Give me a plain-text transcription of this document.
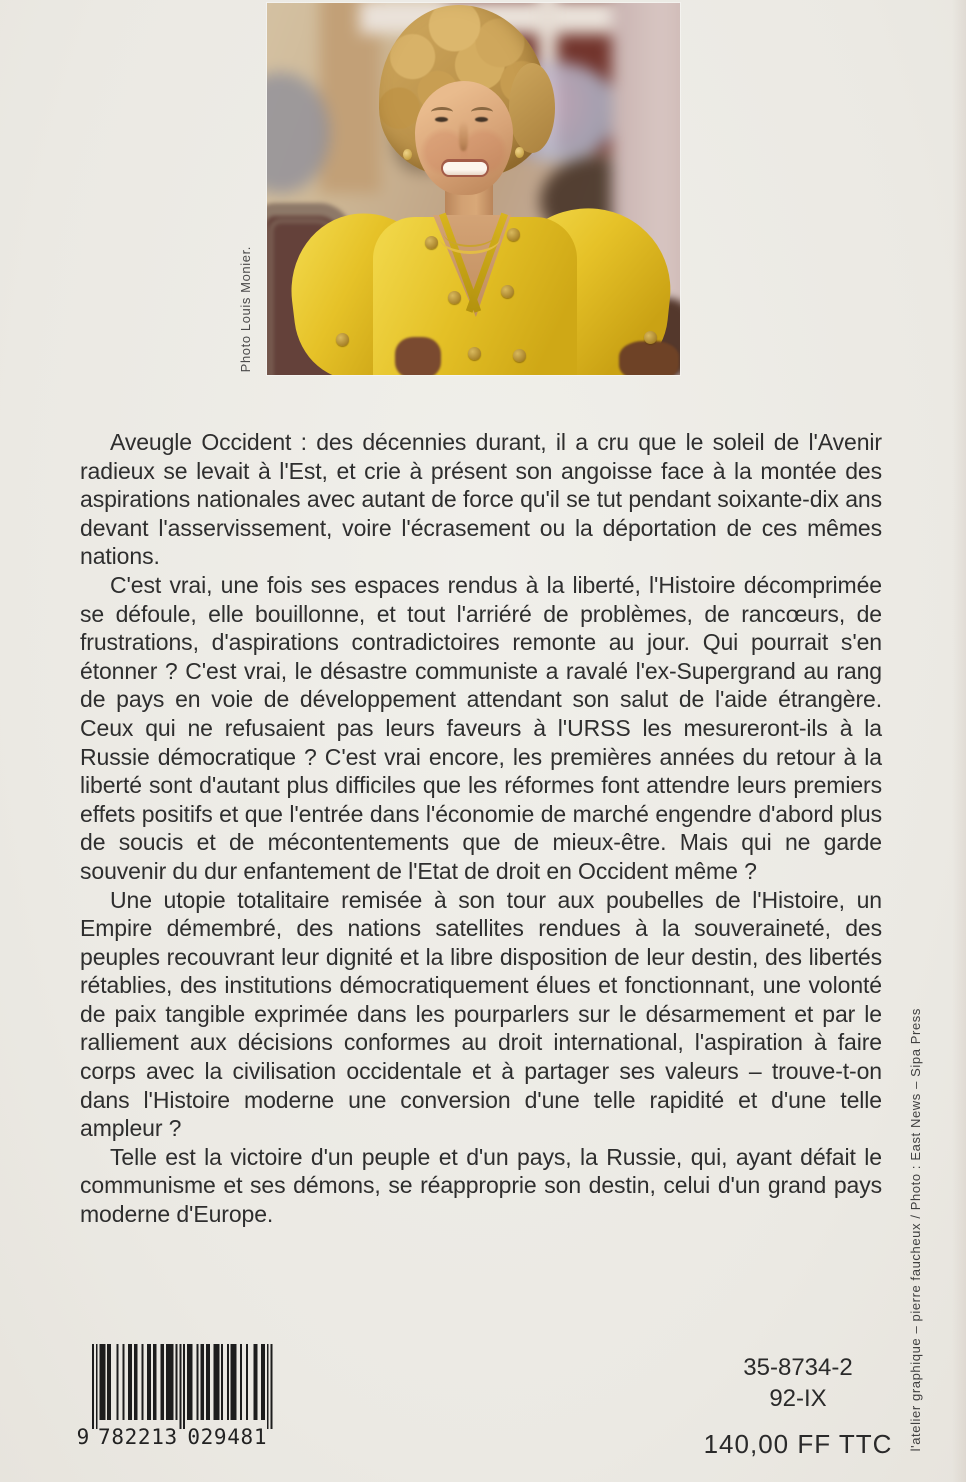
Photo Louis Monier.

Aveugle Occident : des décennies durant, il a cru que le soleil de l'Avenir radieux se levait à l'Est, et crie à présent son angoisse face à la montée des aspirations nationales avec autant de force qu'il se tut pendant soixante-dix ans devant l'asservissement, voire l'écrasement ou la déportation de ces mêmes nations.

C'est vrai, une fois ses espaces rendus à la liberté, l'Histoire décomprimée se défoule, elle bouillonne, et tout l'arriéré de problèmes, de rancœurs, de frustrations, d'aspirations contradictoires remonte au jour. Qui pourrait s'en étonner ? C'est vrai, le désastre communiste a ravalé l'ex-Supergrand au rang de pays en voie de développement attendant son salut de l'aide étrangère. Ceux qui ne refusaient pas leurs faveurs à l'URSS les mesureront-ils à la Russie démocratique ? C'est vrai encore, les premières années du retour à la liberté sont d'autant plus difficiles que les réformes font attendre leurs premiers effets positifs et que l'entrée dans l'économie de marché engendre d'abord plus de soucis et de mécontentements que de mieux-être. Mais qui ne garde souvenir du dur enfantement de l'Etat de droit en Occident même ?

Une utopie totalitaire remisée à son tour aux poubelles de l'Histoire, un Empire démembré, des nations satellites rendues à la souveraineté, des peuples recouvrant leur dignité et la libre disposition de leur destin, des libertés rétablies, des institutions démocratiquement élues et fonctionnant, une volonté de paix tangible exprimée dans les pourparlers sur le désarmement et par le ralliement aux décisions conformes au droit international, l'aspiration à faire corps avec la civilisation occidentale et à partager ses valeurs – trouve-t-on dans l'Histoire moderne une conversion d'une telle rapidité et d'une telle ampleur ?

Telle est la victoire d'un peuple et d'un pays, la Russie, qui, ayant défait le communisme et ses démons, se réapproprie son destin, celui d'un grand pays moderne d'Europe.

9 7 8 2 2 1 3 0 2 9 4 8 1
35-8734-2
92-IX
140,00 FF TTC	l'atelier graphique – pierre faucheux / Photo : East News – Sipa Press
